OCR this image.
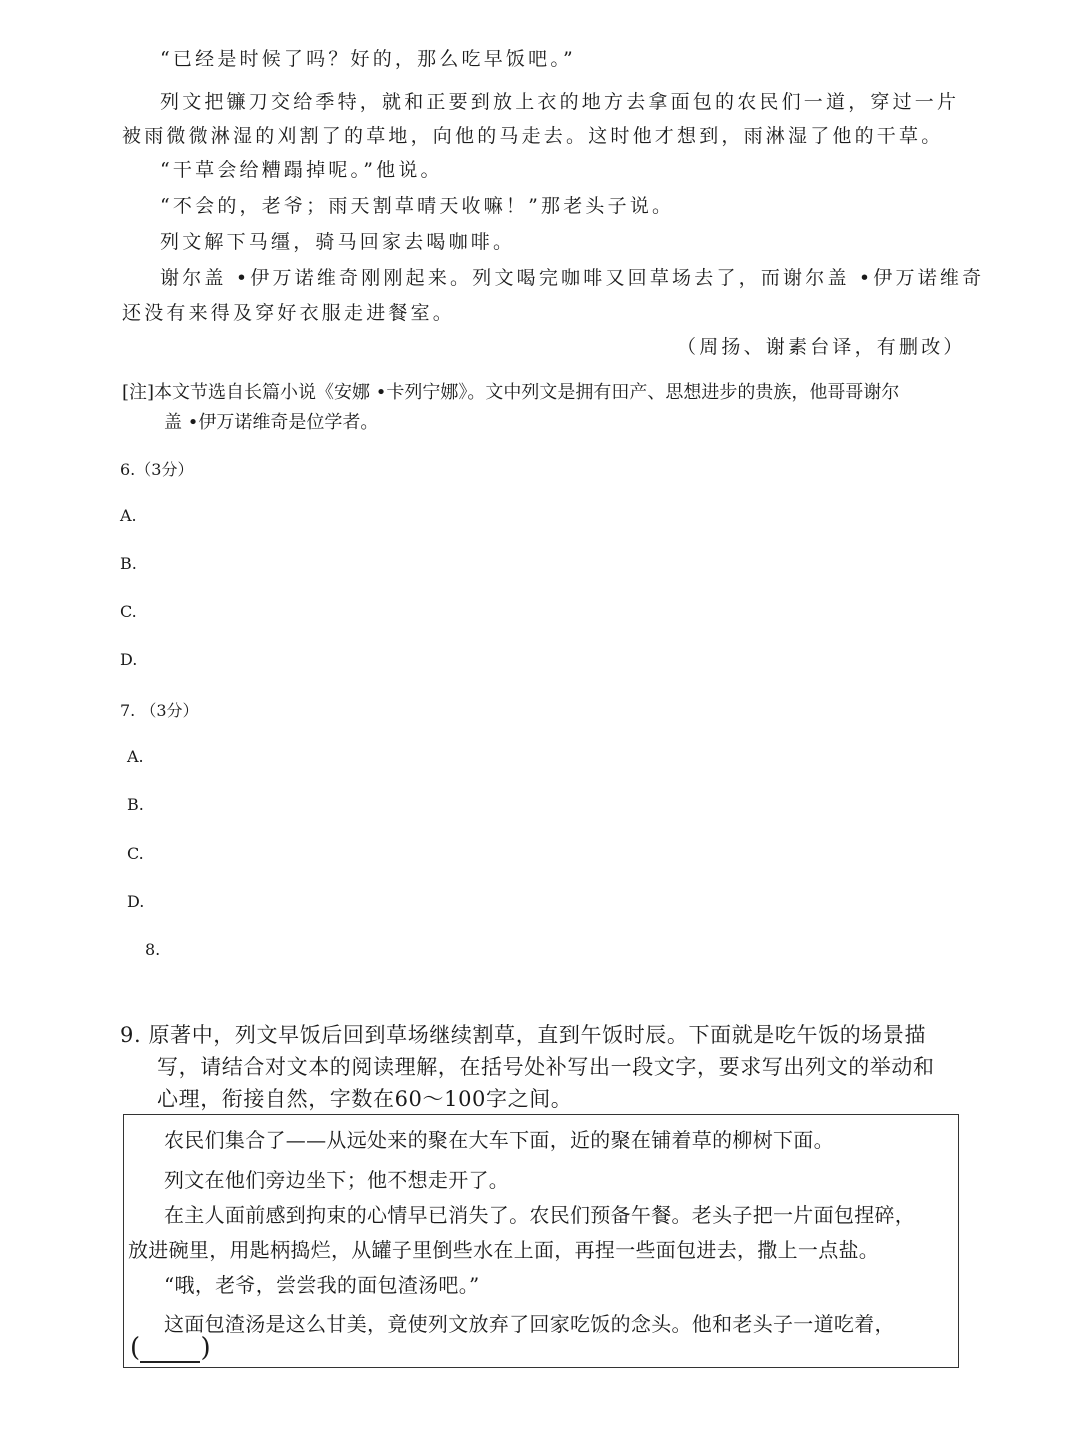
“已经是时候了吗？好的，那么吃早饭吧。”
列文把镰刀交给季特，就和正要到放上衣的地方去拿面包的农民们一道，穿过一片
被雨微微淋湿的刈割了的草地，向他的马走去。这时他才想到，雨淋湿了他的干草。
“干草会给糟蹋掉呢。”他说。
“不会的，老爷；雨天割草晴天收嘛！”那老头子说。
列文解下马缰，骑马回家去喝咖啡。
谢尔盖 •伊万诺维奇刚刚起来。列文喝完咖啡又回草场去了，而谢尔盖 •伊万诺维奇
还没有来得及穿好衣服走进餐室。
（周扬、谢素台译，有删改）
[注]本文节选自长篇小说《安娜 •卡列宁娜》。文中列文是拥有田产、思想进步的贵族，他哥哥谢尔
盖 •伊万诺维奇是位学者。
6.（3分）
A.
B.
C.
D.
7. （3分）
A.
B.
C.
D.
8.
9. 原著中，列文早饭后回到草场继续割草，直到午饭时辰。下面就是吃午饭的场景描
写，请结合对文本的阅读理解，在括号处补写出一段文字，要求写出列文的举动和
心理，衔接自然，字数在60～100字之间。
农民们集合了——从远处来的聚在大车下面，近的聚在铺着草的柳树下面。
列文在他们旁边坐下；他不想走开了。
在主人面前感到拘束的心情早已消失了。农民们预备午餐。老头子把一片面包捏碎，
放进碗里，用匙柄捣烂，从罐子里倒些水在上面，再捏一些面包进去，撒上一点盐。
“哦，老爷，尝尝我的面包渣汤吧。”
这面包渣汤是这么甘美，竟使列文放弃了回家吃饭的念头。他和老头子一道吃着，
( )
